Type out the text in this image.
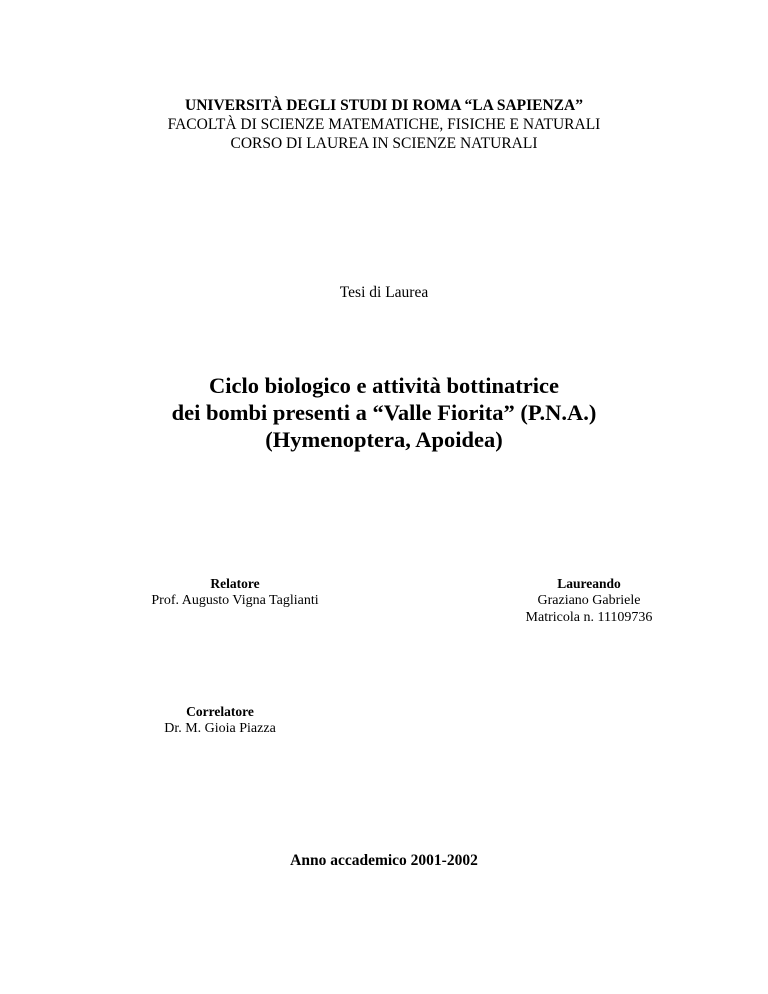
UNIVERSITÀ DEGLI STUDI DI ROMA “LA SAPIENZA”
FACOLTÀ DI SCIENZE MATEMATICHE, FISICHE E NATURALI
CORSO DI LAUREA IN SCIENZE NATURALI
Tesi di Laurea
Ciclo biologico e attività bottinatrice
dei bombi presenti a “Valle Fiorita” (P.N.A.)
(Hymenoptera, Apoidea)
Relatore
Prof. Augusto Vigna Taglianti
Laureando
Graziano Gabriele
Matricola n. 11109736
Correlatore
Dr. M. Gioia Piazza
Anno accademico 2001-2002
